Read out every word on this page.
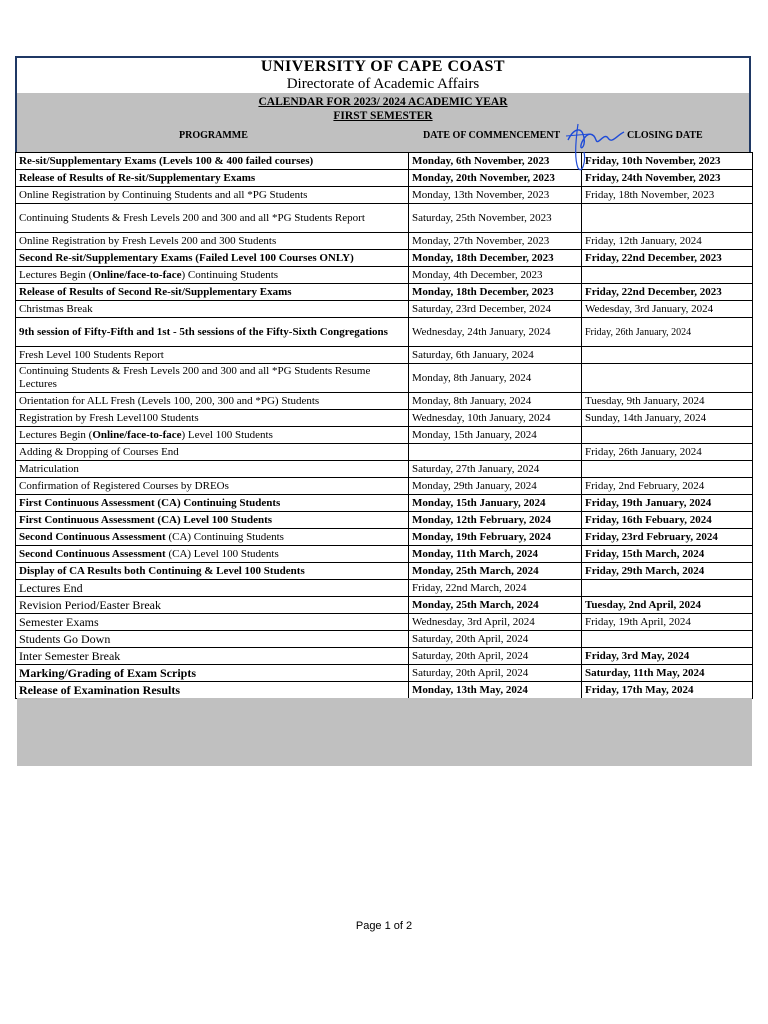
UNIVERSITY OF CAPE COAST
Directorate of Academic Affairs
CALENDAR FOR 2023/ 2024 ACADEMIC YEAR
FIRST SEMESTER
PROGRAMME	DATE OF COMMENCEMENT	CLOSING DATE
Re-sit/Supplementary Exams (Levels 100 & 400 failed courses)	Monday, 6th November, 2023	Friday, 10th November, 2023
Release of Results of Re-sit/Supplementary Exams	Monday, 20th November, 2023	Friday, 24th November, 2023
Online Registration by Continuing Students and all *PG Students	Monday, 13th November, 2023	Friday, 18th November, 2023
Continuing Students & Fresh Levels 200 and 300 and all *PG Students Report	Saturday, 25th November, 2023	
Online Registration by Fresh Levels 200 and 300 Students	Monday, 27th November, 2023	Friday, 12th January, 2024
Second Re-sit/Supplementary Exams (Failed Level 100 Courses ONLY)	Monday, 18th December, 2023	Friday, 22nd December, 2023
Lectures Begin (Online/face-to-face) Continuing Students	Monday, 4th December, 2023	
Release of Results of Second Re-sit/Supplementary Exams	Monday, 18th December, 2023	Friday, 22nd December, 2023
Christmas Break	Saturday, 23rd December, 2024	Wedesday, 3rd January, 2024
9th session of Fifty-Fifth and 1st - 5th sessions of the Fifty-Sixth Congregations	Wednesday, 24th January, 2024	Friday, 26th January, 2024
Fresh Level 100 Students Report	Saturday, 6th January, 2024	
Continuing Students & Fresh Levels 200 and 300 and all *PG Students Resume Lectures	Monday, 8th January, 2024	
Orientation for ALL Fresh (Levels 100, 200, 300 and *PG) Students	Monday, 8th January, 2024	Tuesday, 9th January, 2024
Registration by Fresh Level100 Students	Wednesday, 10th January, 2024	Sunday, 14th January, 2024
Lectures Begin (Online/face-to-face) Level 100 Students	Monday, 15th January, 2024	
Adding & Dropping of Courses End		Friday, 26th January, 2024
Matriculation	Saturday, 27th January, 2024	
Confirmation of Registered Courses by DREOs	Monday, 29th January, 2024	Friday, 2nd February, 2024
First Continuous Assessment (CA) Continuing Students	Monday, 15th January, 2024	Friday, 19th January, 2024
First Continuous Assessment (CA) Level 100 Students	Monday, 12th February, 2024	Friday, 16th Febuary, 2024
Second Continuous Assessment (CA) Continuing Students	Monday, 19th February, 2024	Friday, 23rd February, 2024
Second Continuous Assessment (CA) Level 100 Students	Monday, 11th March, 2024	Friday, 15th March, 2024
Display of CA Results both Continuing & Level 100 Students	Monday, 25th March, 2024	Friday, 29th March, 2024
Lectures End	Friday, 22nd March, 2024	
Revision Period/Easter Break	Monday, 25th March, 2024	Tuesday, 2nd April, 2024
Semester Exams	Wednesday, 3rd April, 2024	Friday, 19th April, 2024
Students Go Down	Saturday, 20th April, 2024	
Inter Semester Break	Saturday, 20th April, 2024	Friday, 3rd May, 2024
Marking/Grading of Exam Scripts	Saturday, 20th April, 2024	Saturday, 11th May, 2024
Release of Examination Results	Monday, 13th May, 2024	Friday, 17th May, 2024
Page 1 of 2
